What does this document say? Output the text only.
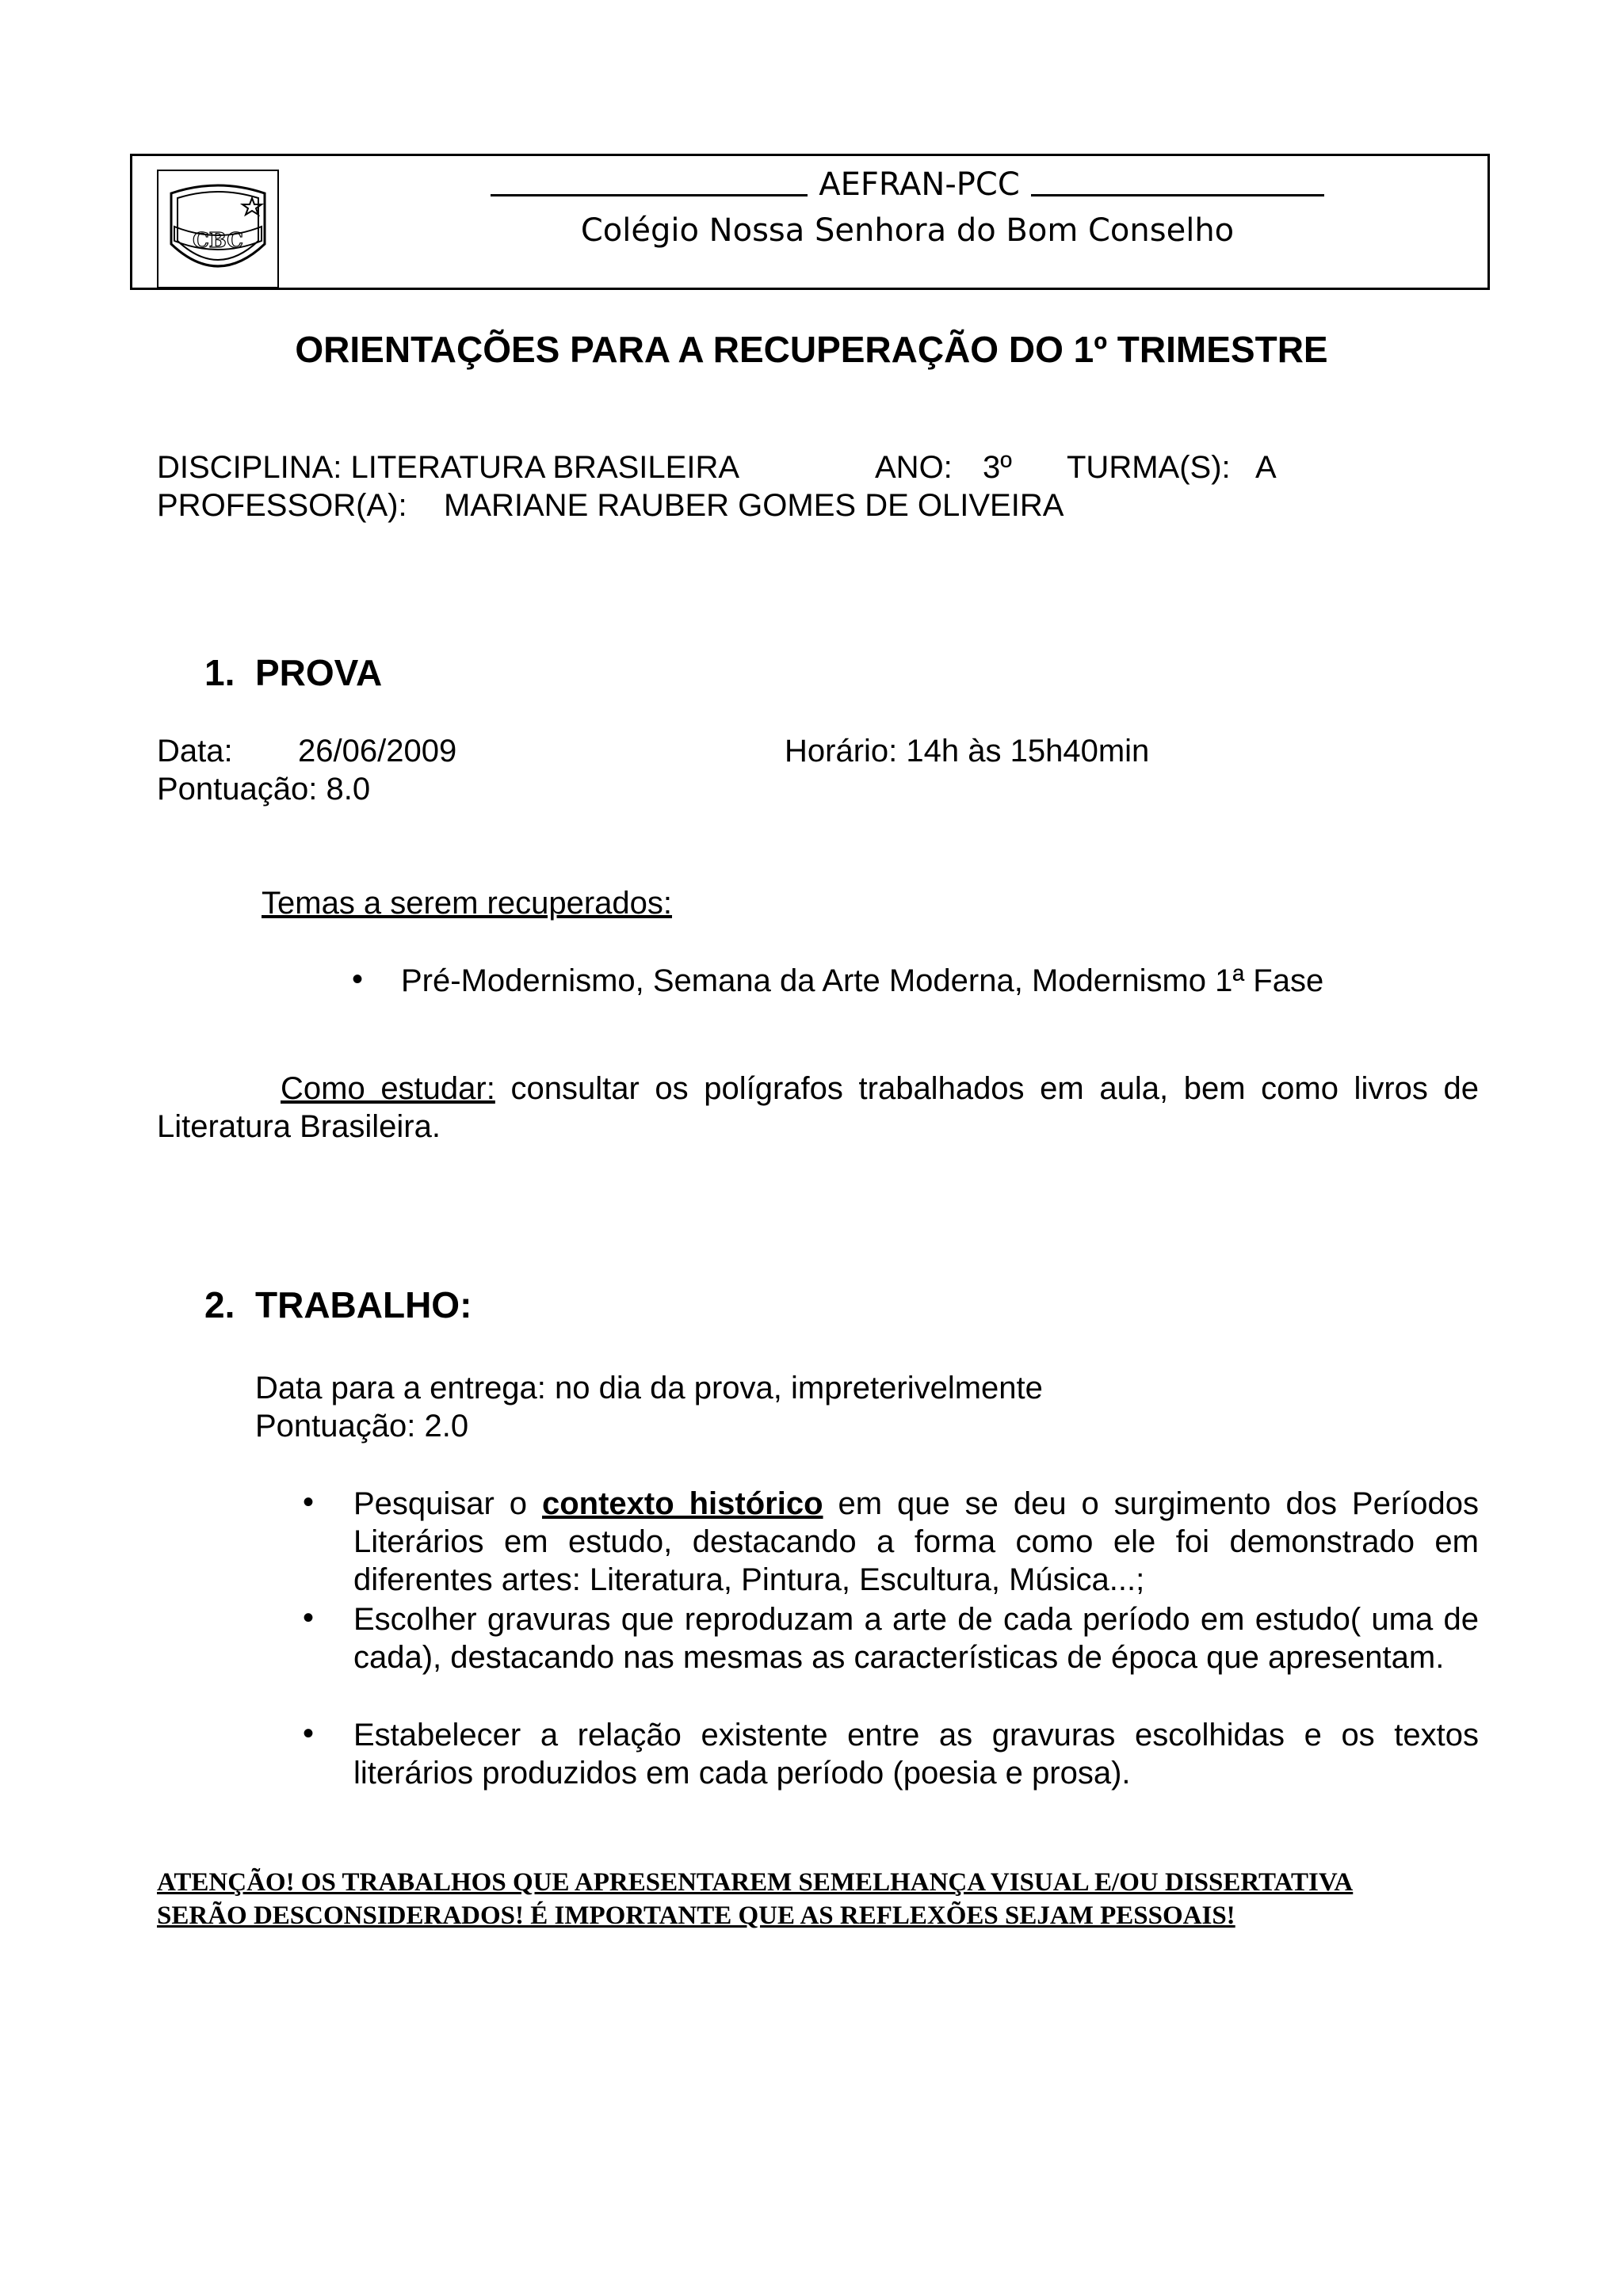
CBC
AEFRAN-PCC
Colégio Nossa Senhora do Bom Conselho
ORIENTAÇÕES PARA A RECUPERAÇÃO DO 1º TRIMESTRE
DISCIPLINA: LITERATURA BRASILEIRA	ANO: 3º TURMA(S): A
PROFESSOR(A): MARIANE RAUBER GOMES DE OLIVEIRA
1. PROVA
Data: 26/06/2009	Horário: 14h às 15h40min
Pontuação: 8.0
Temas a serem recuperados:
• Pré-Modernismo, Semana da Arte Moderna, Modernismo 1ª Fase
Como estudar: consultar os polígrafos trabalhados em aula, bem como livros de Literatura Brasileira.
2. TRABALHO:
Data para a entrega: no dia da prova, impreterivelmente
Pontuação: 2.0
• Pesquisar o contexto histórico em que se deu o surgimento dos Períodos Literários em estudo, destacando a forma como ele foi demonstrado em diferentes artes: Literatura, Pintura, Escultura, Música...;
• Escolher gravuras que reproduzam a arte de cada período em estudo( uma de cada), destacando nas mesmas as características de época que apresentam.
• Estabelecer a relação existente entre as gravuras escolhidas e os textos literários produzidos em cada período (poesia e prosa).
ATENÇÃO! OS TRABALHOS QUE APRESENTAREM SEMELHANÇA VISUAL E/OU DISSERTATIVA
SERÃO DESCONSIDERADOS! É IMPORTANTE QUE AS REFLEXÕES SEJAM PESSOAIS!
